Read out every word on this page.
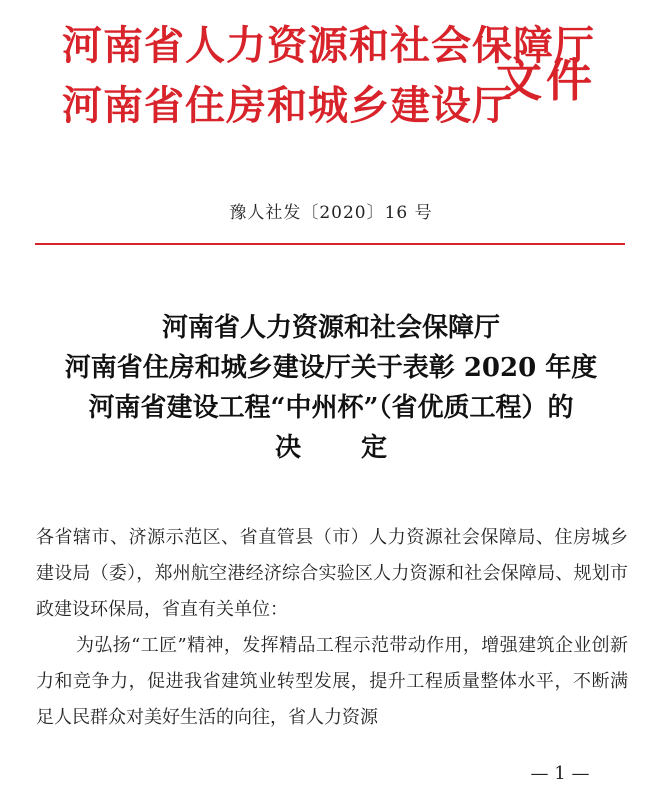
河南省人力资源和社会保障厅
河南省住房和城乡建设厅
文件
豫人社发〔2020〕16 号
河南省人力资源和社会保障厅
河南省住房和城乡建设厅关于表彰 2020 年度
河南省建设工程“中州杯”（省优质工程）的
决定

各省辖市、济源示范区、省直管县（市）人力资源社会保障局、住房城乡建设局（委），郑州航空港经济综合实验区人力资源和社会保障局、规划市政建设环保局，省直有关单位：

为弘扬“工匠”精神，发挥精品工程示范带动作用，增强建筑企业创新力和竞争力，促进我省建筑业转型发展，提升工程质量整体水平，不断满足人民群众对美好生活的向往，省人力资源

— 1 —
